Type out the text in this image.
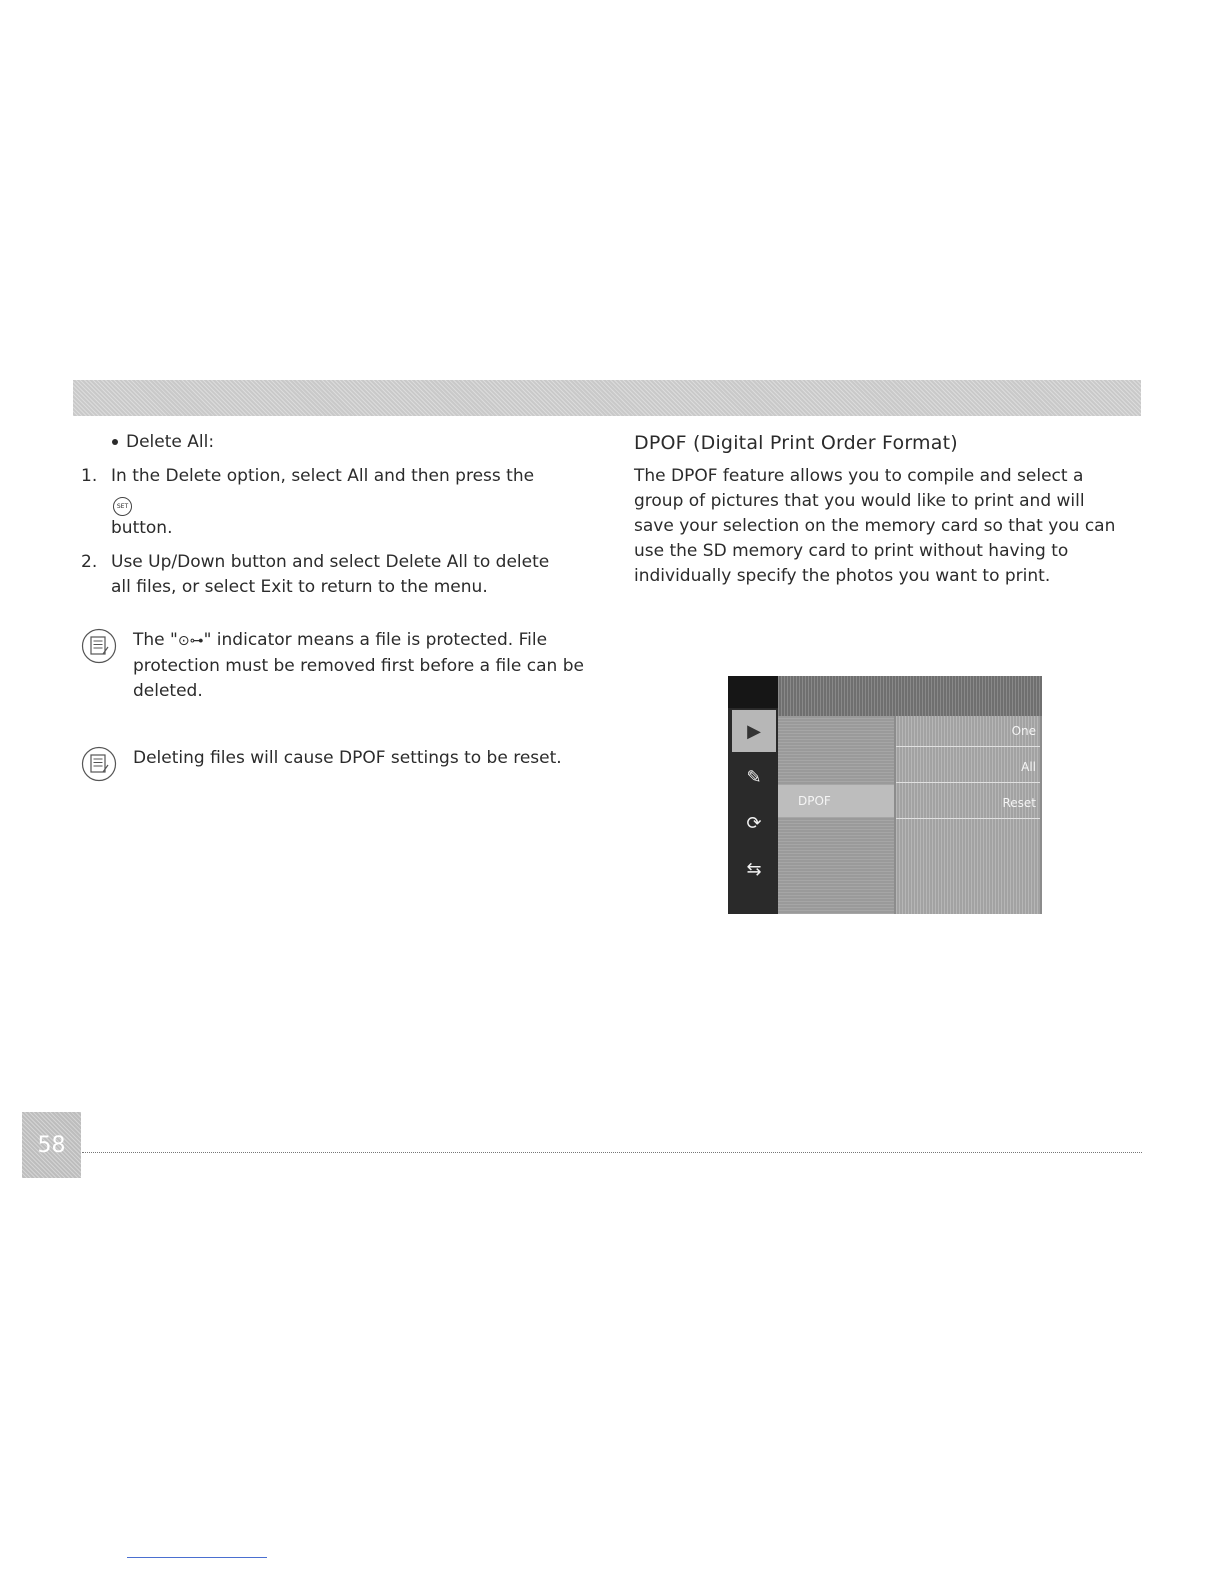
Delete All:
1. In the Delete option, select All and then press the SET
button.
2. Use Up/Down button and select Delete All to delete all files, or select Exit to return to the menu.
The "⊙⊶" indicator means a file is protected. File protection must be removed first before a file can be deleted.
Deleting files will cause DPOF settings to be reset.
DPOF (Digital Print Order Format)

The DPOF feature allows you to compile and select a group of pictures that you would like to print and will save your selection on the memory card so that you can use the SD memory card to print without having to individually specify the photos you want to print.

▶
✎
⟳
⇆
DPOF
One
All
Reset
58
